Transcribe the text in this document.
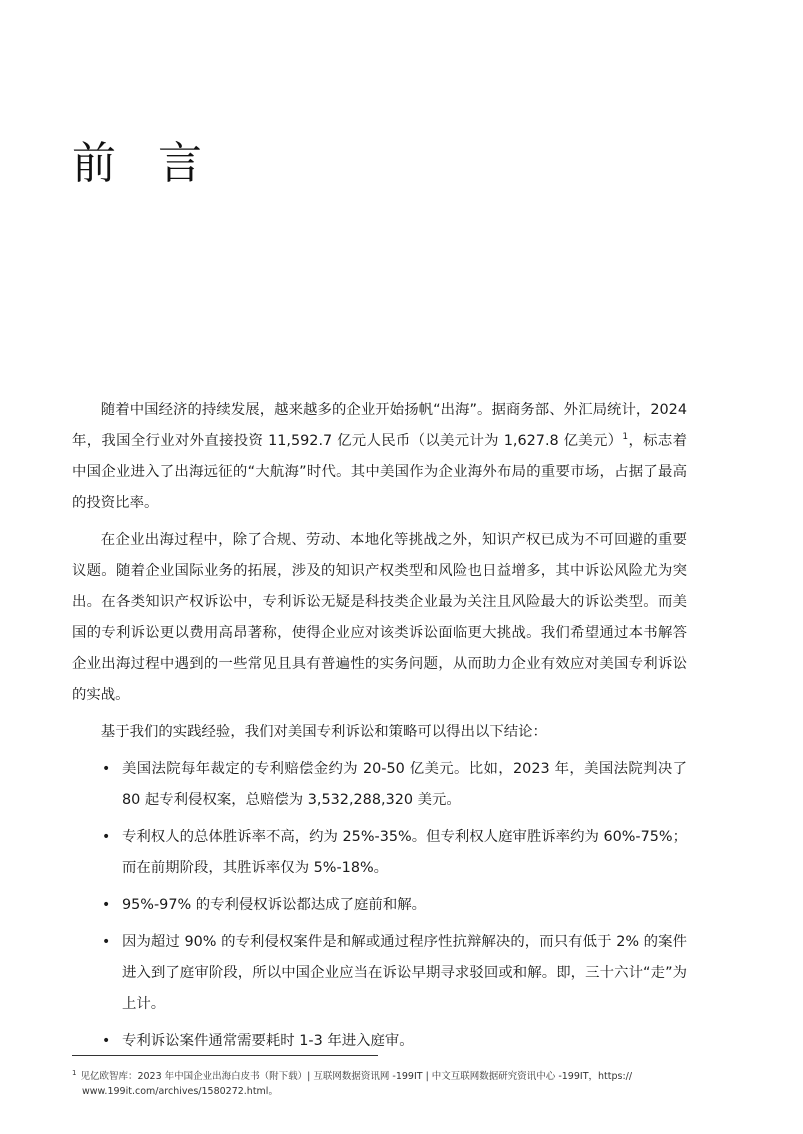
前 言

随着中国经济的持续发展，越来越多的企业开始扬帆“出海”。据商务部、外汇局统计，2024 年，我国全行业对外直接投资 11,592.7 亿元人民币（以美元计为 1,627.8 亿美元）$^1$，标志着中国企业进入了出海远征的“大航海”时代。其中美国作为企业海外布局的重要市场，占据了最高的投资比率。

在企业出海过程中，除了合规、劳动、本地化等挑战之外，知识产权已成为不可回避的重要议题。随着企业国际业务的拓展，涉及的知识产权类型和风险也日益增多，其中诉讼风险尤为突出。在各类知识产权诉讼中，专利诉讼无疑是科技类企业最为关注且风险最大的诉讼类型。而美国的专利诉讼更以费用高昂著称，使得企业应对该类诉讼面临更大挑战。我们希望通过本书解答企业出海过程中遇到的一些常见且具有普遍性的实务问题，从而助力企业有效应对美国专利诉讼的实战。

基于我们的实践经验，我们对美国专利诉讼和策略可以得出以下结论：

• 美国法院每年裁定的专利赔偿金约为 20-50 亿美元。比如，2023 年，美国法院判决了 80 起专利侵权案，总赔偿为 3,532,288,320 美元。
• 专利权人的总体胜诉率不高，约为 25%-35%。但专利权人庭审胜诉率约为 60%-75%；而在前期阶段，其胜诉率仅为 5%-18%。
• 95%-97% 的专利侵权诉讼都达成了庭前和解。
• 因为超过 90% 的专利侵权案件是和解或通过程序性抗辩解决的，而只有低于 2% 的案件进入到了庭审阶段，所以中国企业应当在诉讼早期寻求驳回或和解。即，三十六计“走”为上计。
• 专利诉讼案件通常需要耗时 1-3 年进入庭审。
$^1$ 见亿欧智库：2023 年中国企业出海白皮书（附下载）| 互联网数据资讯网 -199IT | 中文互联网数据研究资讯中心 -199IT，https://
www.199it.com/archives/1580272.html。
